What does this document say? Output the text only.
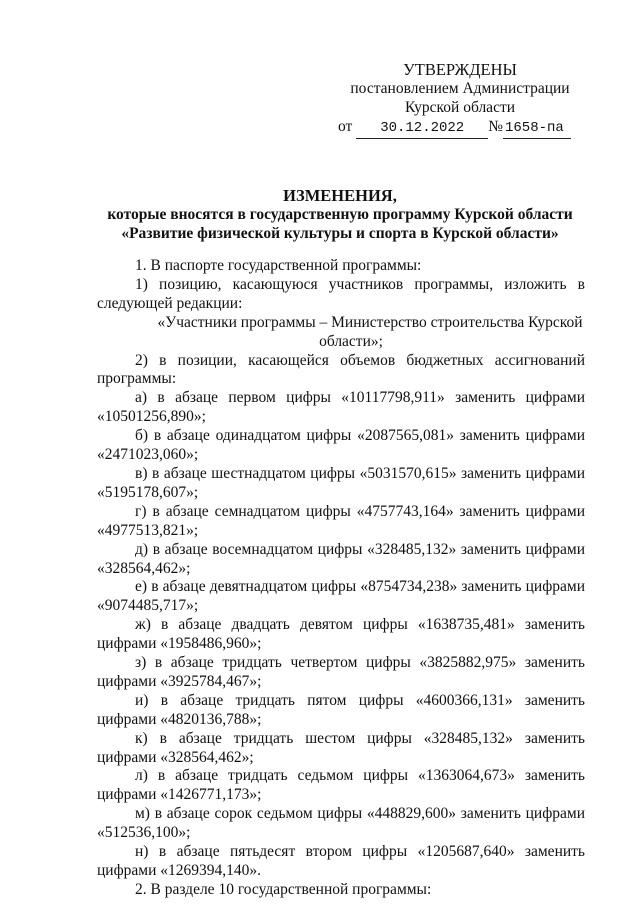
УТВЕРЖДЕНЫ
постановлением Администрации
Курской области
от 30.12.2022 № 1658-па
ИЗМЕНЕНИЯ,
которые вносятся в государственную программу Курской области
«Развитие физической культуры и спорта в Курской области»

1. В паспорте государственной программы:

1) позицию, касающуюся участников программы, изложить в следующей редакции:

«Участники программы – Министерство строительства Курской области»;

2) в позиции, касающейся объемов бюджетных ассигнований программы:

а) в абзаце первом цифры «10117798,911» заменить цифрами «10501256,890»;

б) в абзаце одинадцатом цифры «2087565,081» заменить цифрами «2471023,060»;

в) в абзаце шестнадцатом цифры «5031570,615» заменить цифрами «5195178,607»;

г) в абзаце семнадцатом цифры «4757743,164» заменить цифрами «4977513,821»;

д) в абзаце восемнадцатом цифры «328485,132» заменить цифрами «328564,462»;

е) в абзаце девятнадцатом цифры «8754734,238» заменить цифрами «9074485,717»;

ж) в абзаце двадцать девятом цифры «1638735,481» заменить цифрами «1958486,960»;

з) в абзаце тридцать четвертом цифры «3825882,975» заменить цифрами «3925784,467»;

и) в абзаце тридцать пятом цифры «4600366,131» заменить цифрами «4820136,788»;

к) в абзаце тридцать шестом цифры «328485,132» заменить цифрами «328564,462»;

л) в абзаце тридцать седьмом цифры «1363064,673» заменить цифрами «1426771,173»;

м) в абзаце сорок седьмом цифры «448829,600» заменить цифрами «512536,100»;

н) в абзаце пятьдесят втором цифры «1205687,640» заменить цифрами «1269394,140».

2. В разделе 10 государственной программы:
